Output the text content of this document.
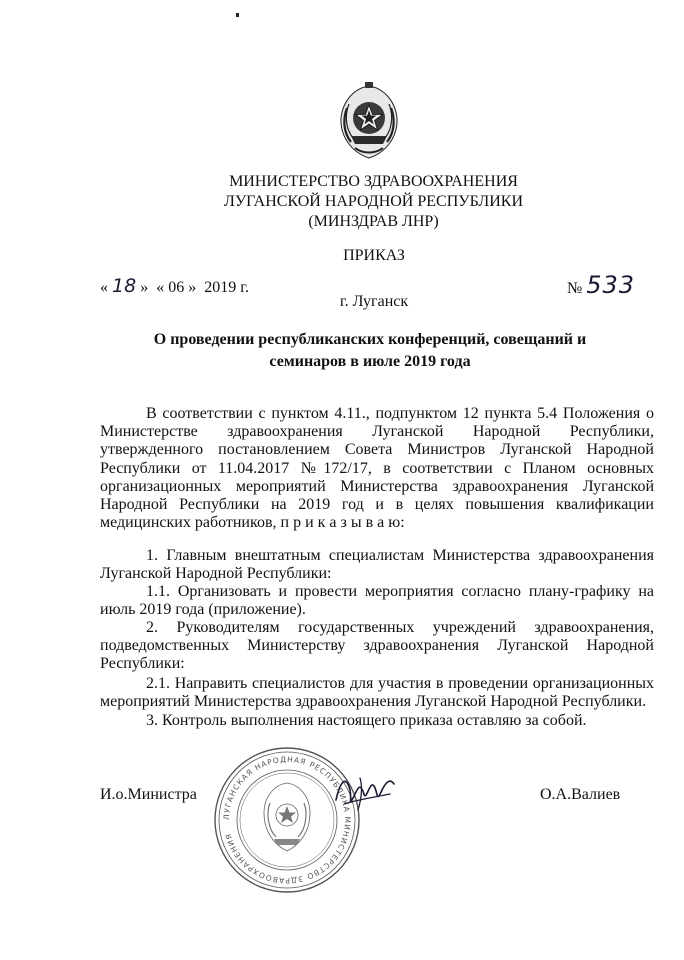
МИНИСТЕРСТВО ЗДРАВООХРАНЕНИЯ
ЛУГАНСКОЙ НАРОДНОЙ РЕСПУБЛИКИ
(МИНЗДРАВ ЛНР)
ПРИКАЗ
« 18 » « 06 » 2019 г.	№ 533
г. Луганск
О проведении республиканских конференций, совещаний и семинаров в июле 2019 года
В соответствии с пунктом 4.11., подпунктом 12 пункта 5.4 Положения о Министерстве здравоохранения Луганской Народной Республики, утвержденного постановлением Совета Министров Луганской Народной Республики от 11.04.2017 №172/17, в соответствии с Планом основных организационных мероприятий Министерства здравоохранения Луганской Народной Республики на 2019 год и в целях повышения квалификации медицинских работников, п р и к а з ы в а ю:
1. Главным внештатным специалистам Министерства здравоохранения Луганской Народной Республики:
1.1. Организовать и провести мероприятия согласно плану-графику на июль 2019 года (приложение).
2. Руководителям государственных учреждений здравоохранения, подведомственных Министерству здравоохранения Луганской Народной Республики:
2.1. Направить специалистов для участия в проведении организационных мероприятий Министерства здравоохранения Луганской Народной Республики.
3. Контроль выполнения настоящего приказа оставляю за собой.
И.о.Министра	О.А.Валиев
ЛУГАНСКАЯ НАРОДНАЯ РЕСПУБЛИКА МИНИСТЕРСТВО ЗДРАВООХРАНЕНИЯ
